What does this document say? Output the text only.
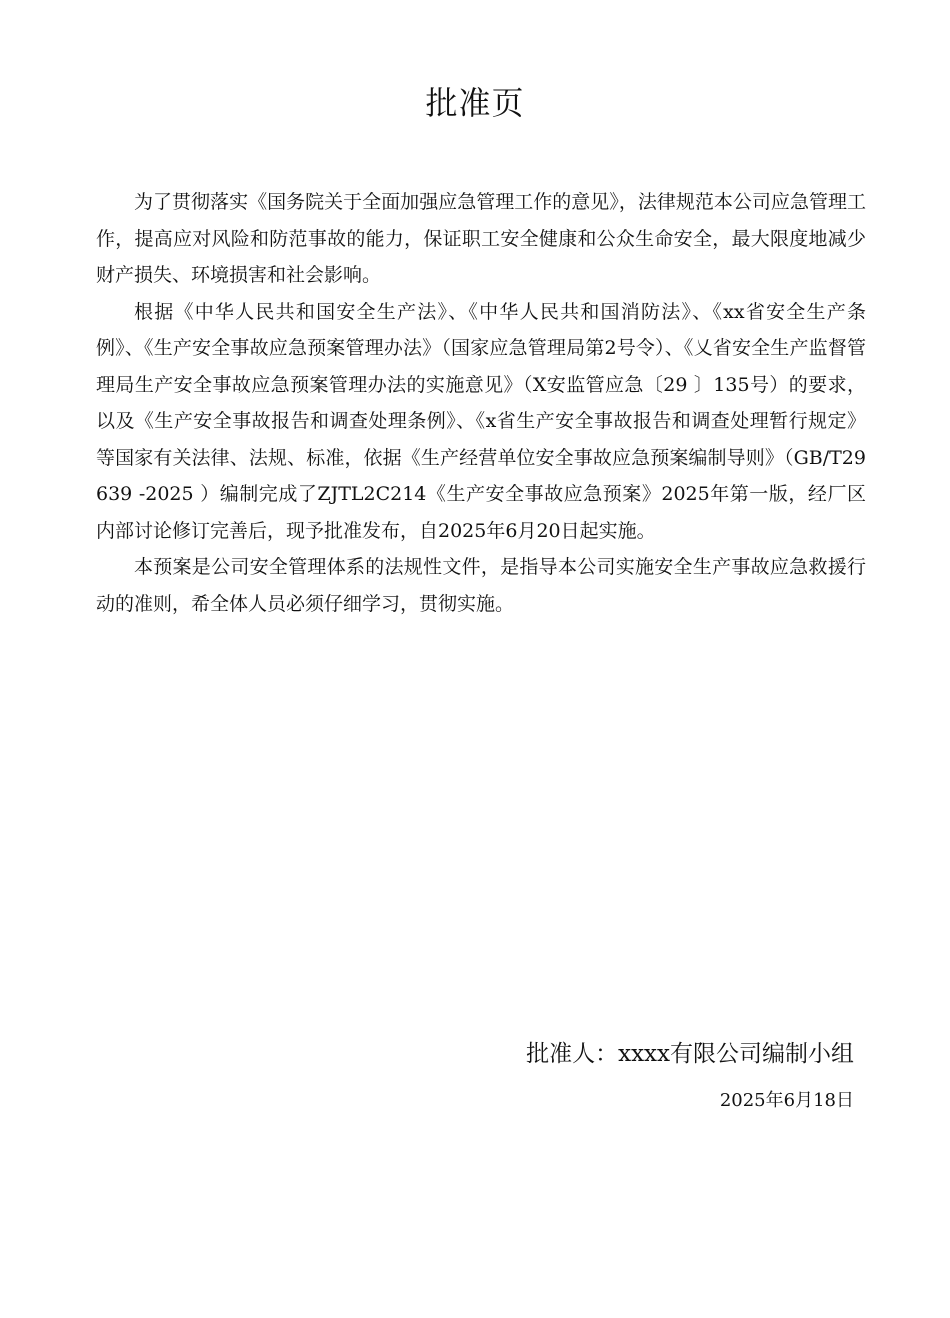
批准页

为了贯彻落实《国务院关于全面加强应急管理工作的意见》，法律规范本公司应急管理工作，提高应对风险和防范事故的能力，保证职工安全健康和公众生命安全，最大限度地减少财产损失、环境损害和社会影响。

根据《中华人民共和国安全生产法》、《中华人民共和国消防法》、《xx省安全生产条例》、《生产安全事故应急预案管理办法》（国家应急管理局第2号令）、《乂省安全生产监督管理局生产安全事故应急预案管理办法的实施意见》（X安监管应急〔29 〕135号）的要求，以及《生产安全事故报告和调查处理条例》、《x省生产安全事故报告和调查处理暂行规定》等国家有关法律、法规、标准，依据《生产经营单位安全事故应急预案编制导则》（GB/T29639 -2025 ）编制完成了ZJTL2C214《生产安全事故应急预案》2025年第一版，经厂区内部讨论修订完善后，现予批准发布，自2025年6月20日起实施。

本预案是公司安全管理体系的法规性文件，是指导本公司实施安全生产事故应急救援行动的准则，希全体人员必须仔细学习，贯彻实施。

批准人：xxxx有限公司编制小组
2025年6月18日
